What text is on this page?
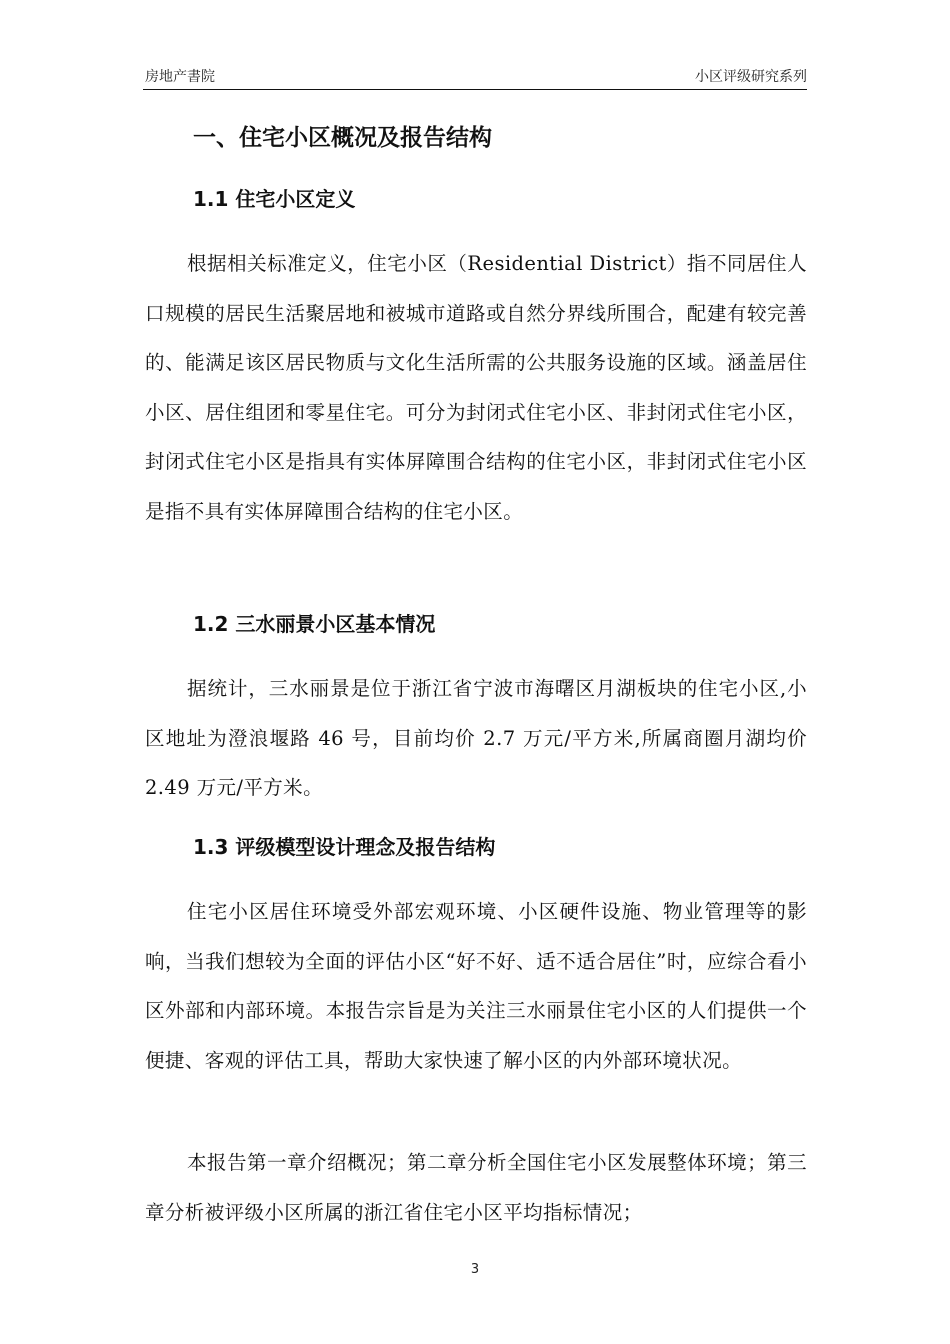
房地产書院	小区评级研究系列
一、住宅小区概况及报告结构
1.1 住宅小区定义

根据相关标准定义，住宅小区（Residential District）指不同居住人口规模的居民生活聚居地和被城市道路或自然分界线所围合，配建有较完善的、能满足该区居民物质与文化生活所需的公共服务设施的区域。涵盖居住小区、居住组团和零星住宅。可分为封闭式住宅小区、非封闭式住宅小区，封闭式住宅小区是指具有实体屏障围合结构的住宅小区，非封闭式住宅小区是指不具有实体屏障围合结构的住宅小区。

1.2 三水丽景小区基本情况

据统计，三水丽景是位于浙江省宁波市海曙区月湖板块的住宅小区,小区地址为澄浪堰路 46 号，目前均价 2.7 万元/平方米,所属商圈月湖均价 2.49 万元/平方米。

1.3 评级模型设计理念及报告结构

住宅小区居住环境受外部宏观环境、小区硬件设施、物业管理等的影响，当我们想较为全面的评估小区“好不好、适不适合居住”时，应综合看小区外部和内部环境。本报告宗旨是为关注三水丽景住宅小区的人们提供一个便捷、客观的评估工具，帮助大家快速了解小区的内外部环境状况。

本报告第一章介绍概况；第二章分析全国住宅小区发展整体环境；第三章分析被评级小区所属的浙江省住宅小区平均指标情况；

3
